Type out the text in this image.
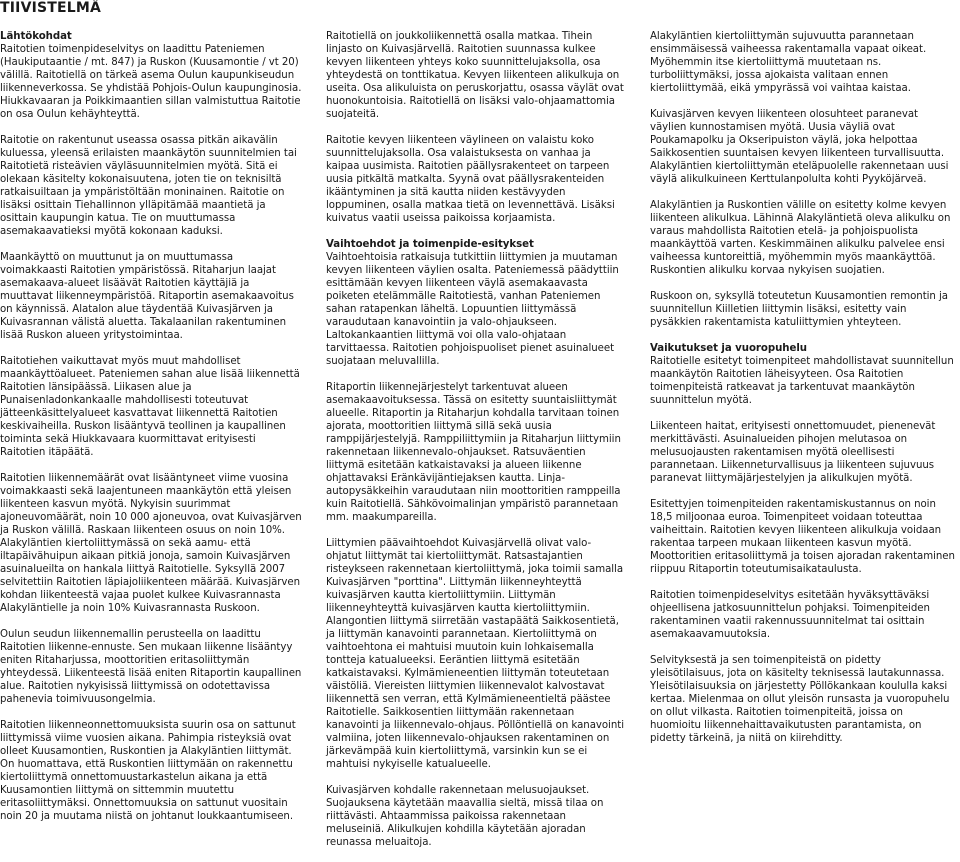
TIIVISTELMÄ
Lähtökohdat

Raitotien toimenpideselvitys on laadittu Pateniemen (Haukiputaantie / mt. 847) ja Ruskon (Kuusamontie / vt 20) välillä. Raitotiellä on tärkeä asema Oulun kaupunkiseudun liikenneverkossa. Se yhdistää Pohjois-Oulun kaupunginosia. Hiukkavaaran ja Poikkimaantien sillan valmistuttua Raitotie on osa Oulun kehäyhteyttä.

Raitotie on rakentunut useassa osassa pitkän aikavälin kuluessa, yleensä erilaisten maankäytön suunnitelmien tai Raitotietä risteävien väyläsuunnitelmien myötä. Sitä ei olekaan käsitelty kokonaisuutena, joten tie on teknisiltä ratkaisuiltaan ja ympäristöltään moninainen. Raitotie on lisäksi osittain Tiehallinnon ylläpitämää maantietä ja osittain kaupungin katua. Tie on muuttumassa asemakaavatieksi myötä kokonaan kaduksi.

Maankäyttö on muuttunut ja on muuttumassa voimakkaasti Raitotien ympäristössä. Ritaharjun laajat asemakaava-alueet lisäävät Raitotien käyttäjiä ja muuttavat liikenneympäristöä. Ritaportin asemakaavoitus on käynnissä. Alatalon alue täydentää Kuivasjärven ja Kuivasrannan välistä aluetta. Takalaanilan rakentuminen lisää Ruskon alueen yritystoimintaa.

Raitotiehen vaikuttavat myös muut mahdolliset maankäyttöalueet. Pateniemen sahan alue lisää liikennettä Raitotien länsipäässä. Liikasen alue ja Punaisenladonkankaalle mahdollisesti toteutuvat jätteenkäsittelyalueet kasvattavat liikennettä Raitotien keskivaiheilla. Ruskon lisääntyvä teollinen ja kaupallinen toiminta sekä Hiukkavaara kuormittavat erityisesti Raitotien itäpäätä.

Raitotien liikennemäärät ovat lisääntyneet viime vuosina voimakkaasti sekä laajentuneen maankäytön että yleisen liikenteen kasvun myötä. Nykyisin suurimmat ajoneuvomäärät, noin 10 000 ajoneuvoa, ovat Kuivasjärven ja Ruskon välillä. Raskaan liikenteen osuus on noin 10%. Alakyläntien kiertoliittymässä on sekä aamu- että iltapäivähuipun aikaan pitkiä jonoja, samoin Kuivasjärven asuinalueilta on hankala liittyä Raitotielle. Syksyllä 2007 selvitettiin Raitotien läpiajoliikenteen määrää. Kuivasjärven kohdan liikenteestä vajaa puolet kulkee Kuivasrannasta Alakyläntielle ja noin 10% Kuivasrannasta Ruskoon.

Oulun seudun liikennemallin perusteella on laadittu Raitotien liikenne-ennuste. Sen mukaan liikenne lisääntyy eniten Ritaharjussa, moottoritien eritasoliittymän yhteydessä. Liikenteestä lisää eniten Ritaportin kaupallinen alue. Raitotien nykyisissä liittymissä on odotettavissa pahenevia toimivuusongelmia.

Raitotien liikenneonnettomuuksista suurin osa on sattunut liittymissä viime vuosien aikana. Pahimpia risteyksiä ovat olleet Kuusamontien, Ruskontien ja Alakyläntien liittymät. On huomattava, että Ruskontien liittymään on rakennettu kiertoliittymä onnettomuustarkastelun aikana ja että Kuusamontien liittymä on sittemmin muutettu eritasoliittymäksi. Onnettomuuksia on sattunut vuositain noin 20 ja muutama niistä on johtanut loukkaantumiseen.

Raitotiellä on joukkoliikennettä osalla matkaa. Tihein linjasto on Kuivasjärvellä. Raitotien suunnassa kulkee kevyen liikenteen yhteys koko suunnittelujaksolla, osa yhteydestä on tonttikatua. Kevyen liikenteen alikulkuja on useita. Osa alikuluista on peruskorjattu, osassa väylät ovat huonokuntoisia. Raitotiellä on lisäksi valo-ohjaamattomia suojateitä.

Raitotie kevyen liikenteen väylineen on valaistu koko suunnittelujaksolla. Osa valaistuksesta on vanhaa ja kaipaa uusimista. Raitotien päällysrakenteet on tarpeen uusia pitkältä matkalta. Syynä ovat päällysrakenteiden ikääntyminen ja sitä kautta niiden kestävyyden loppuminen, osalla matkaa tietä on levennettävä. Lisäksi kuivatus vaatii useissa paikoissa korjaamista.

Vaihtoehdot ja toimenpide-esitykset

Vaihtoehtoisia ratkaisuja tutkittiin liittymien ja muutaman kevyen liikenteen väylien osalta. Pateniemessä päädyttiin esittämään kevyen liikenteen väylä asemakaavasta poiketen etelämmälle Raitotiestä, vanhan Pateniemen sahan ratapenkan läheltä. Lopuuntien liittymässä varaudutaan kanavointiin ja valo-ohjaukseen. Laltokankaantien liittymä voi olla valo-ohjataan tarvittaessa. Raitotien pohjoispuoliset pienet asuinalueet suojataan meluvallilla.

Ritaportin liikennejärjestelyt tarkentuvat alueen asemakaavoituksessa. Tässä on esitetty suuntaisliittymät alueelle. Ritaportin ja Ritaharjun kohdalla tarvitaan toinen ajorata, moottoritien liittymä sillä sekä uusia ramppijärjestelyjä. Ramppiliittymiin ja Ritaharjun liittymiin rakennetaan liikennevalo-ohjaukset. Ratsuväentien liittymä esitetään katkaistavaksi ja alueen liikenne ohjattavaksi Eränkävijäntiejaksen kautta. Linja-autopysäkkeihin varaudutaan niin moottoritien ramppeilla kuin Raitotiellä. Sähkövoimalinjan ympäristö parannetaan mm. maakumpareilla.

Liittymien päävaihtoehdot Kuivasjärvellä olivat valo-ohjatut liittymät tai kiertoliittymät. Ratsastajantien risteykseen rakennetaan kiertoliittymä, joka toimii samalla Kuivasjärven "porttina". Liittymän liikenneyhteyttä kuivasjärven kautta kiertoliittymiin. Liittymän liikenneyhteyttä kuivasjärven kautta kiertoliittymiin. Alangontien liittymä siirretään vastapäätä Saikkosentietä, ja liittymän kanavointi parannetaan. Kiertoliittymä on vaihtoehtona ei mahtuisi muutoin kuin lohkaisemalla tontteja katualueeksi. Eeräntien liittymä esitetään katkaistavaksi. Kylmämieneentien liittymän toteutetaan väistöliä. Viereisten liittymien liikennevalot kalvostavat liikennettä sen verran, että Kylmämieneentieltä päästee Raitotielle. Saikkosentien liittymään rakennetaan kanavointi ja liikennevalo-ohjaus. Pöllöntiellä on kanavointi valmiina, joten liikennevalo-ohjauksen rakentaminen on järkevämpää kuin kiertoliittymä, varsinkin kun se ei mahtuisi nykyiselle katualueelle.

Kuivasjärven kohdalle rakennetaan melusuojaukset. Suojauksena käytetään maavallia sieltä, missä tilaa on riittävästi. Ahtaammissa paikoissa rakennetaan meluseiniä. Alikulkujen kohdilla käytetään ajoradan reunassa meluaitoja.

Alakyläntien kiertoliittymän sujuvuutta parannetaan ensimmäisessä vaiheessa rakentamalla vapaat oikeat. Myöhemmin itse kiertoliittymä muutetaan ns. turboliittymäksi, jossa ajokaista valitaan ennen kiertoliittymää, eikä ympyrässä voi vaihtaa kaistaa.

Kuivasjärven kevyen liikenteen olosuhteet paranevat väylien kunnostamisen myötä. Uusia väyliä ovat Poukamapolku ja Okseripuiston väylä, joka helpottaa Saikkosentien suuntaisen kevyen liikenteen turvallisuutta. Alakyläntien kiertoliittymän eteläpuolelle rakennetaan uusi väylä alikulkuineen Kerttulanpolulta kohti Pyyköjärveä.

Alakyläntien ja Ruskontien välille on esitetty kolme kevyen liikenteen alikulkua. Lähinnä Alakyläntietä oleva alikulku on varaus mahdollista Raitotien etelä- ja pohjoispuolista maankäyttöä varten. Keskimmäinen alikulku palvelee ensi vaiheessa kuntoreittiä, myöhemmin myös maankäyttöä. Ruskontien alikulku korvaa nykyisen suojatien.

Ruskoon on, syksyllä toteutetun Kuusamontien remontin ja suunnitellun Kiilletien liittymin lisäksi, esitetty vain pysäkkien rakentamista katuliittymien yhteyteen.

Vaikutukset ja vuoropuhelu

Raitotielle esitetyt toimenpiteet mahdollistavat suunnitellun maankäytön Raitotien läheisyyteen. Osa Raitotien toimenpiteistä ratkeavat ja tarkentuvat maankäytön suunnittelun myötä.

Liikenteen haitat, erityisesti onnettomuudet, pienenevät merkittävästi. Asuinalueiden pihojen melutasoa on melusuojausten rakentamisen myötä oleellisesti parannetaan. Liikenneturvallisuus ja liikenteen sujuvuus paranevat liittymäjärjestelyjen ja alikulkujen myötä.

Esitettyjen toimenpiteiden rakentamiskustannus on noin 18,5 miljoonaa euroa. Toimenpiteet voidaan toteuttaa vaiheittain. Raitotien kevyen liikenteen alikulkuja voidaan rakentaa tarpeen mukaan liikenteen kasvun myötä. Moottoritien eritasoliittymä ja toisen ajoradan rakentaminen riippuu Ritaportin toteutumisaikataulusta.

Raitotien toimenpideselvitys esitetään hyväksyttäväksi ohjeellisena jatkosuunnittelun pohjaksi. Toimenpiteiden rakentaminen vaatii rakennussuunnitelmat tai osittain asemakaavamuutoksia.

Selvityksestä ja sen toimenpiteistä on pidetty yleisötilaisuus, jota on käsitelty teknisessä lautakunnassa. Yleisötilaisuuksia on järjestetty Pöllökankaan koululla kaksi kertaa. Mielenmaa on ollut yleisön runsasta ja vuoropuhelu on ollut vilkasta. Raitotien toimenpiteitä, joissa on huomioitu liikennehaittavaikutusten parantamista, on pidetty tärkeinä, ja niitä on kiirehditty.
